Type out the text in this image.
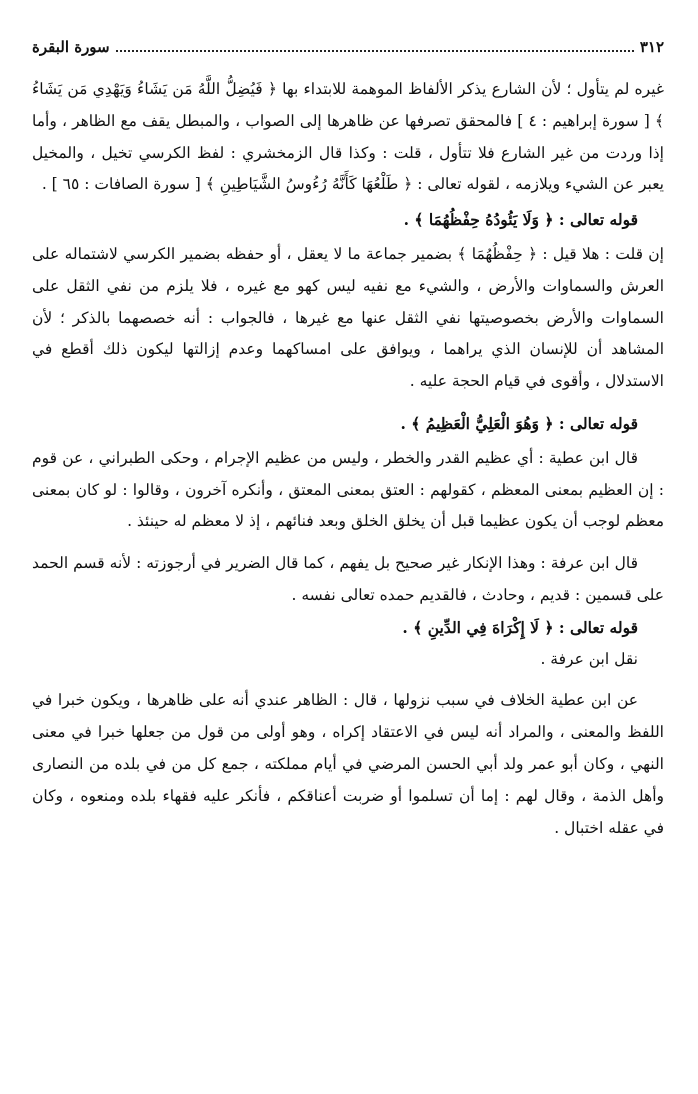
٣١٢
سورة البقرة

غيره لم يتأول ؛ لأن الشارع يذكر الألفاظ الموهمة للابتداء بها ﴿ فَيُضِلُّ اللَّهُ مَن يَشَاءُ وَيَهْدِي مَن يَشَاءُ ﴾ [ سورة إبراهيم : ٤ ] فالمحقق تصرفها عن ظاهرها إلى الصواب ، والمبطل يقف مع الظاهر ، وأما إذا وردت من غير الشارع فلا تتأول ، قلت : وكذا قال الزمخشري : لفظ الكرسي تخيل ، والمخيل يعبر عن الشيء ويلازمه ، لقوله تعالى : ﴿ طَلْعُهَا كَأَنَّهُ رُءُوسُ الشَّيَاطِينِ ﴾ [ سورة الصافات : ٦٥ ] .

قوله تعالى : ﴿ وَلَا يَئُودُهُ حِفْظُهُمَا ﴾ .

إن قلت : هلا قيل : ﴿ حِفْظُهُمَا ﴾ بضمير جماعة ما لا يعقل ، أو حفظه بضمير الكرسي لاشتماله على العرش والسماوات والأرض ، والشيء مع نفيه ليس كهو مع غيره ، فلا يلزم من نفي الثقل على السماوات والأرض بخصوصيتها نفي الثقل عنها مع غيرها ، فالجواب : أنه خصصهما بالذكر ؛ لأن المشاهد أن للإنسان الذي يراهما ، ويوافق على امساكهما وعدم إزالتها ليكون ذلك أقطع في الاستدلال ، وأقوى في قيام الحجة عليه .

قوله تعالى : ﴿ وَهُوَ الْعَلِيُّ الْعَظِيمُ ﴾ .

قال ابن عطية : أي عظيم القدر والخطر ، وليس من عظيم الإجرام ، وحكى الطبراني ، عن قوم : إن العظيم بمعنى المعظم ، كقولهم : العتق بمعنى المعتق ، وأنكره آخرون ، وقالوا : لو كان بمعنى معظم لوجب أن يكون عظيما قبل أن يخلق الخلق وبعد فنائهم ، إذ لا معظم له حينئذ .

قال ابن عرفة : وهذا الإنكار غير صحيح بل يفهم ، كما قال الضرير في أرجوزته : لأنه قسم الحمد على قسمين : قديم ، وحادث ، فالقديم حمده تعالى نفسه .

قوله تعالى : ﴿ لَا إِكْرَاهَ فِي الدِّينِ ﴾ .

نقل ابن عرفة .

عن ابن عطية الخلاف في سبب نزولها ، قال : الظاهر عندي أنه على ظاهرها ، ويكون خبرا في اللفظ والمعنى ، والمراد أنه ليس في الاعتقاد إكراه ، وهو أولى من قول من جعلها خبرا في معنى النهي ، وكان أبو عمر ولد أبي الحسن المرضي في أيام مملكته ، جمع كل من في بلده من النصارى وأهل الذمة ، وقال لهم : إما أن تسلموا أو ضربت أعناقكم ، فأنكر عليه فقهاء بلده ومنعوه ، وكان في عقله اختبال .
